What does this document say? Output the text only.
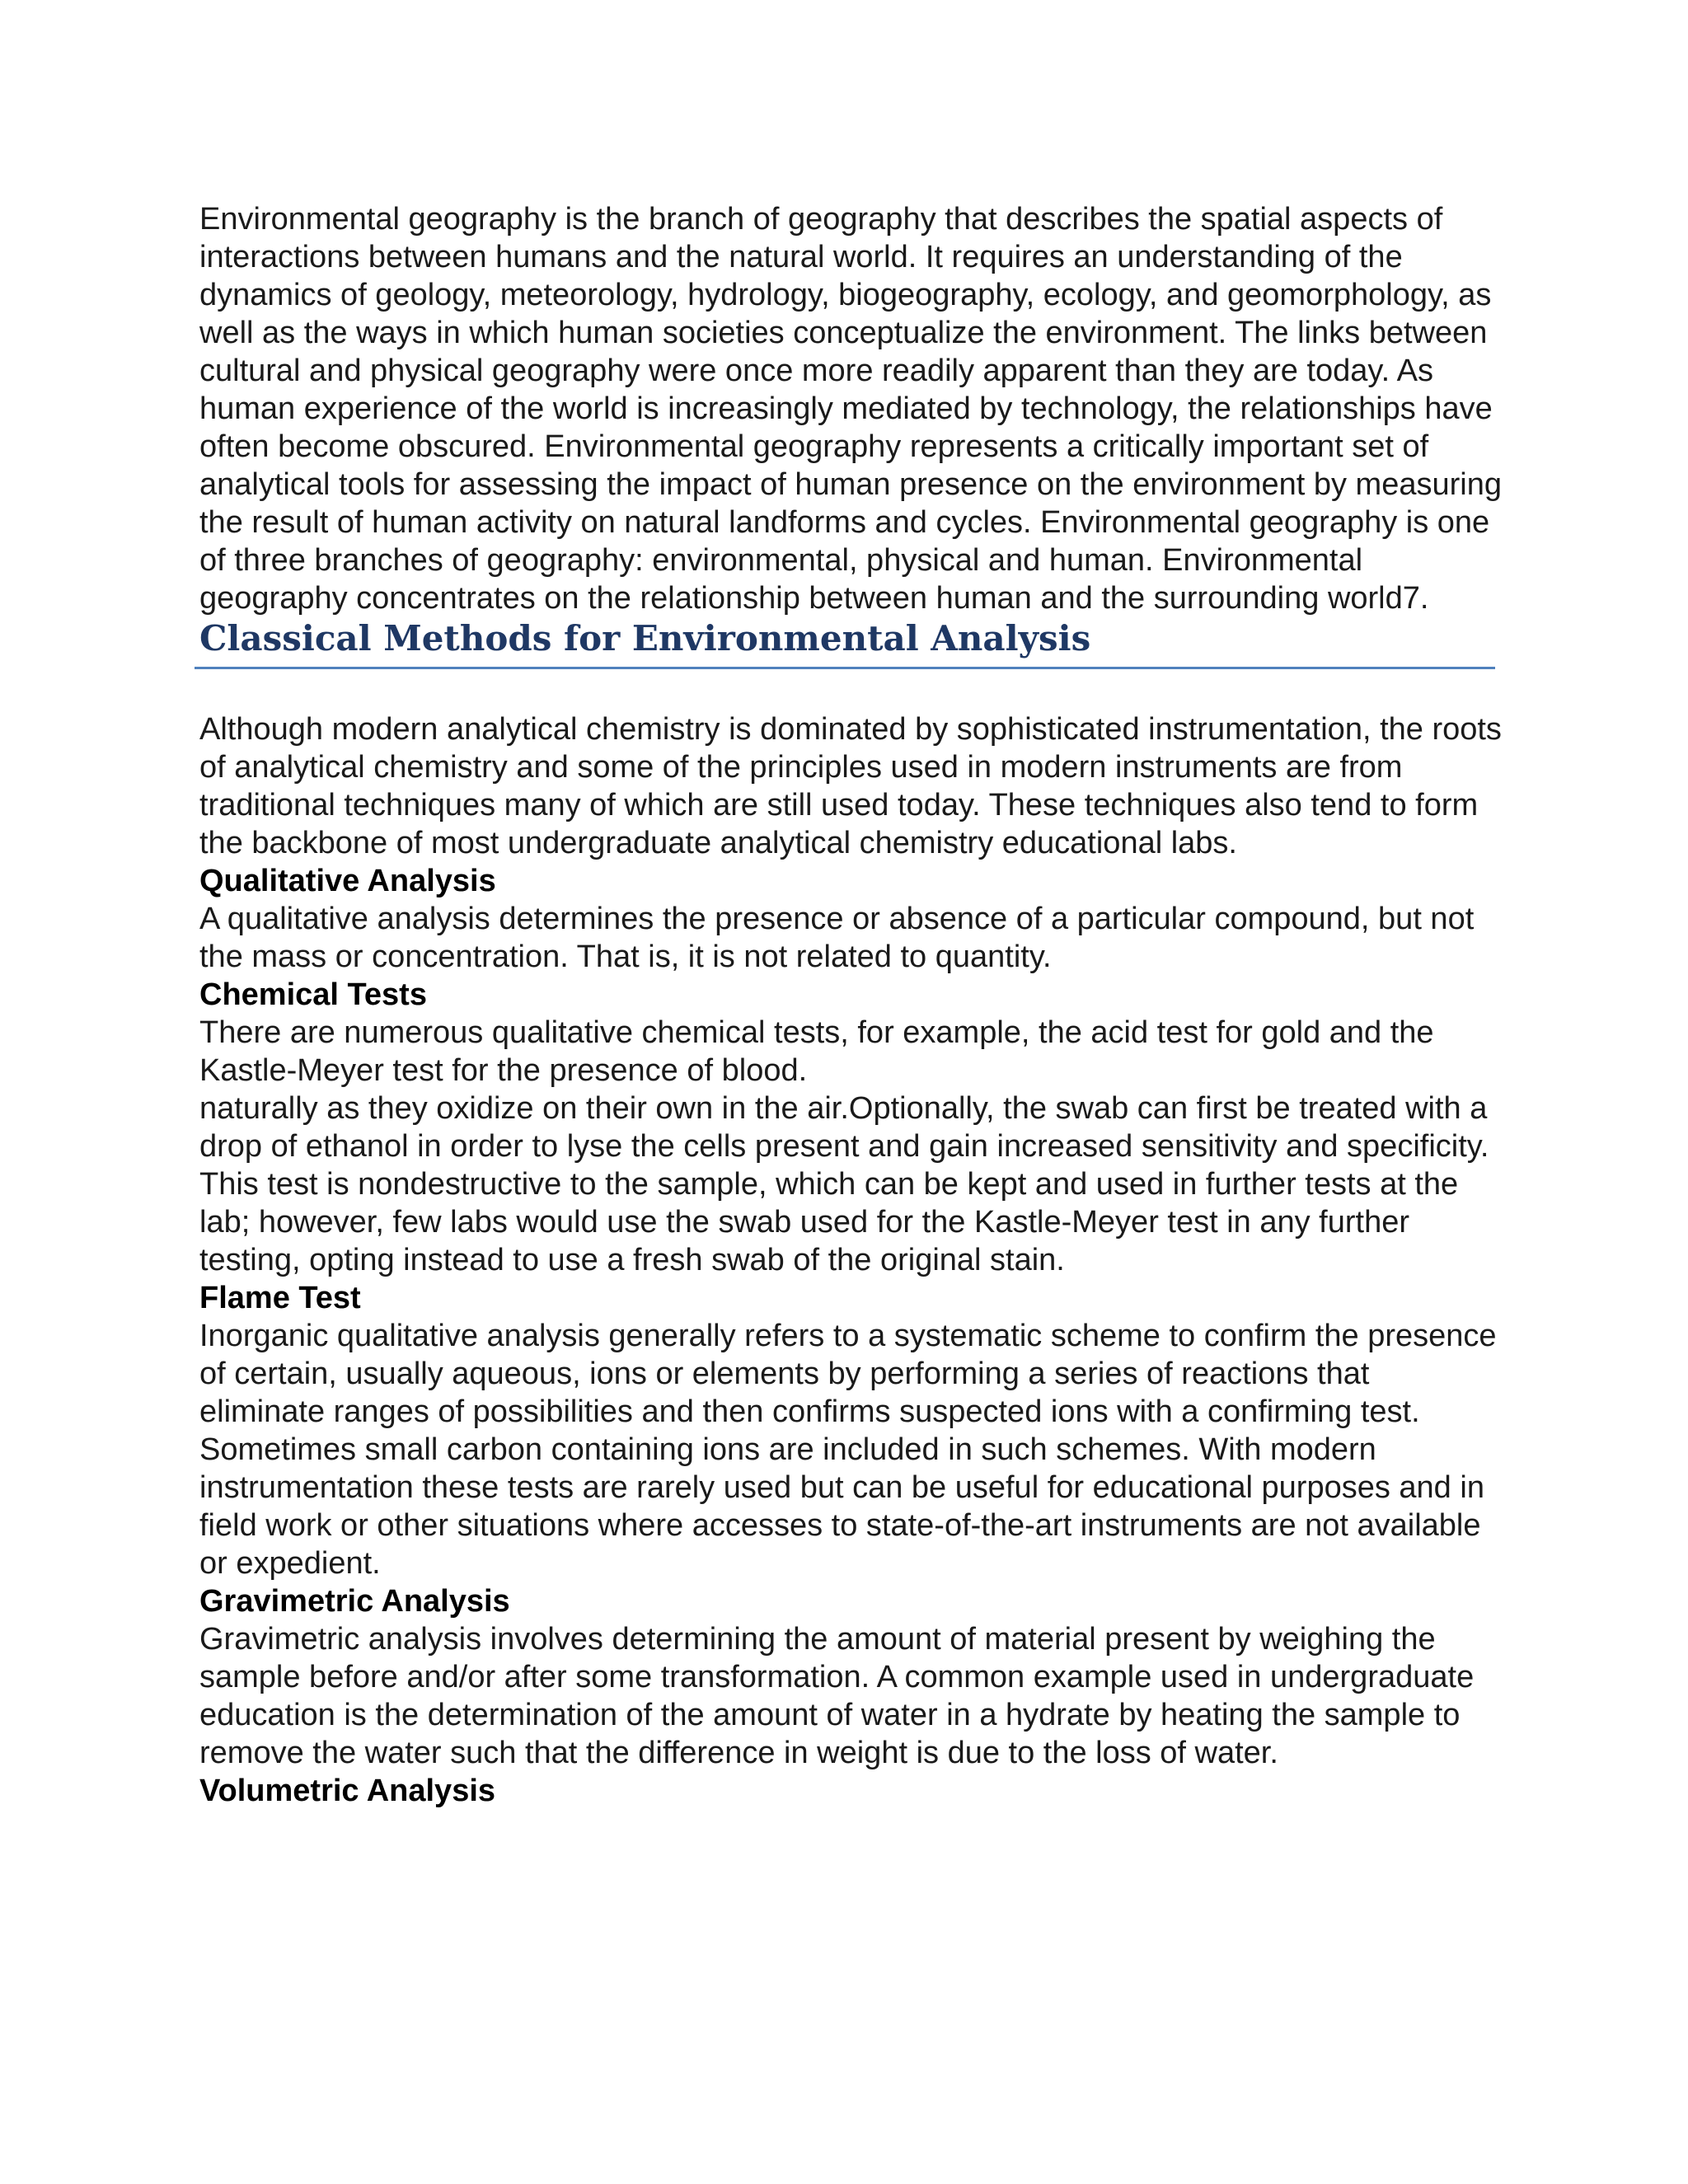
Environmental geography is the branch of geography that describes the spatial aspects of interactions between humans and the natural world. It requires an understanding of the dynamics of geology, meteorology, hydrology, biogeography, ecology, and geomorphology, as well as the ways in which human societies conceptualize the environment. The links between cultural and physical geography were once more readily apparent than they are today. As human experience of the world is increasingly mediated by technology, the relationships have often become obscured. Environmental geography represents a critically important set of analytical tools for assessing the impact of human presence on the environment by measuring the result of human activity on natural landforms and cycles. Environmental geography is one of three branches of geography: environmental, physical and human. Environmental geography concentrates on the relationship between human and the surrounding world7.

Classical Methods for Environmental Analysis

Although modern analytical chemistry is dominated by sophisticated instrumentation, the roots of analytical chemistry and some of the principles used in modern instruments are from traditional techniques many of which are still used today. These techniques also tend to form the backbone of most undergraduate analytical chemistry educational labs.

Qualitative Analysis

A qualitative analysis determines the presence or absence of a particular compound, but not the mass or concentration. That is, it is not related to quantity.

Chemical Tests

There are numerous qualitative chemical tests, for example, the acid test for gold and the Kastle-Meyer test for the presence of blood.

naturally as they oxidize on their own in the air.Optionally, the swab can first be treated with a drop of ethanol in order to lyse the cells present and gain increased sensitivity and specificity. This test is nondestructive to the sample, which can be kept and used in further tests at the lab; however, few labs would use the swab used for the Kastle-Meyer test in any further testing, opting instead to use a fresh swab of the original stain.

Flame Test

Inorganic qualitative analysis generally refers to a systematic scheme to confirm the presence of certain, usually aqueous, ions or elements by performing a series of reactions that eliminate ranges of possibilities and then confirms suspected ions with a confirming test. Sometimes small carbon containing ions are included in such schemes. With modern instrumentation these tests are rarely used but can be useful for educational purposes and in field work or other situations where accesses to state-of-the-art instruments are not available or expedient.

Gravimetric Analysis

Gravimetric analysis involves determining the amount of material present by weighing the sample before and/or after some transformation. A common example used in undergraduate education is the determination of the amount of water in a hydrate by heating the sample to remove the water such that the difference in weight is due to the loss of water.

Volumetric Analysis
